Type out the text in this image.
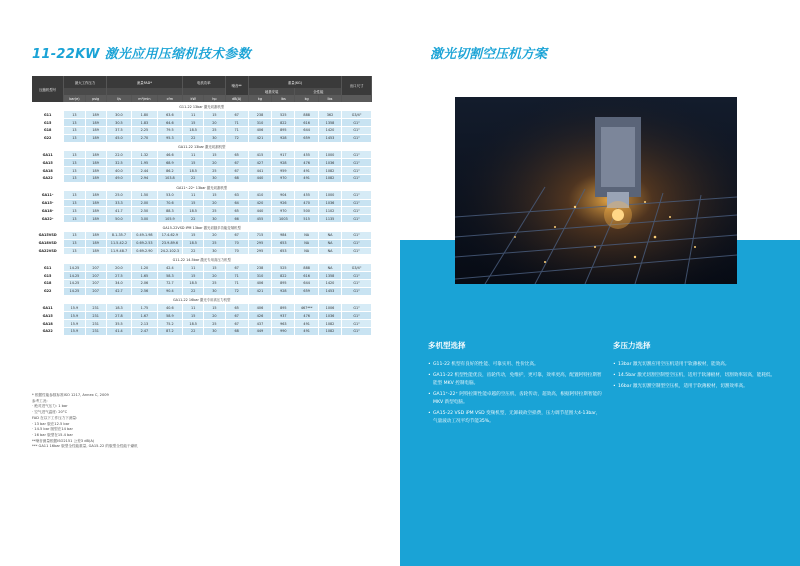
11-22KW 激光应用压缩机技术参数
压缩机型号	最大工作压力		流量FAD*			电机功率		噪音**	重量(KG)				出口尺寸
									地基安装		全性能		
	bar(e)	psig	l/s	m³/min	cfm	kW	hp	dB(A)	kg	lbs	kg	lbs	
G11-22 13bar 激光切割机型													
G11	13	189	30.0	1.80	63.6	11	15	67	238	525	888	362	G3/4"
G15	13	189	30.5	1.83	64.6	15	20	71	310	822	616	1358	G1"
G18	13	189	37.5	2.25	79.5	18.5	25	71	406	895	644	1420	G1"
G22	13	189	45.0	2.70	95.3	22	30	72	421	928	659	1453	G1"
GA11-22 13bar 激光切割机型													
GA11	13	189	22.0	1.32	46.6	11	15	65	415	917	455	1000	G1"
GA15	13	189	32.5	1.95	68.9	15	20	67	427	928	476	1036	G1"
GA18	13	189	40.0	2.44	86.2	18.5	25	67	441	959	491	1082	G1"
GA22	13	189	49.0	2.94	103.8	22	30	68	440	970	491	1082	G1"
GA11⁺-22⁺ 13bar 激光切割机型													
GA11⁺	13	189	25.0	1.50	53.0	11	15	63	410	904	455	1000	G1"
GA15⁺	13	189	33.3	2.00	70.6	15	20	64	420	926	470	1036	G1"
GA18⁺	13	189	41.7	2.50	88.3	18.5	25	65	440	970	500	1102	G1"
GA22⁺	13	189	50.0	3.00	105.9	22	30	66	455	1003	515	1135	G1"
GA15-22VSD iPM 13bar 激光切割多功能变频机型													
GA15VSD	13	189	8.1-35.7	0.49-1.98	17.4-62.9	15	20	67	715	984	NA	NA	G1"
GA18VSD	13	189	11.5-42.2	0.69-2.53	23.9-89.6	18.5	25	70	295	653	NA	NA	G1"
GA22VSD	13	189	11.9-48.7	0.69-2.90	24.2-102.3	22	30	70	295	653	NA	NA	G1"
G11-22 14.5bar 激光专用高压力机型													
G11	14.25	207	20.0	1.20	42.4	11	15	67	238	525	888	NA	G3/4"
G15	14.25	207	27.5	1.65	58.3	15	20	71	310	822	616	1358	G1"
G18	14.25	207	34.0	2.06	72.7	18.5	25	71	406	895	644	1420	G1"
G22	14.25	207	42.7	2.56	90.4	22	30	72	421	928	659	1453	G1"
GA11-22 16bar 激光专用高压力机型													
GA11	15.9	231	18.3	1.75	40.6	11	15	65	406	895	467***	1006	G1"
GA15	15.9	231	27.8	1.67	58.9	15	20	67	426	937	476	1036	G1"
GA18	15.9	231	35.5	2.13	75.2	18.5	25	67	437	963	491	1082	G1"
GA22	15.9	231	41.4	2.47	87.2	22	30	68	449	990	491	1082	G1"

* 根据性能参数标准ISO 1217, Annex C, 2009

参考工况:

· 绝对进气压力: 1 bar

· 空气进气温度: 20°C

FAD 在以下工作压力下测量:

· 13 bar 版在12.5 bar

· 14.5 bar 版型在14 bar

· 16 bar 版型在15.4 bar

**噪音测量根据ISO2151 公差3 dB(A)

*** GA11 16bar 版型全性能重量, GA15-22 的版型全性能干燥机

激光切割空压机方案
多机型选择
• G11-22 机型有良好的性能、可靠实用、性价比高。
• GA11-22 机型性能优良，齿轮传动，免维护，更可靠，效率更高，配置阿特拉斯智能型 MKV 控制电脑。
• GA11⁺-22⁺ 阿特拉斯性能卓越的空压机，齿轮传动，超效高，根据阿特拉斯智能的 MKV 新型电脑。
• GA15-22 VSD iPM VSD 变频机型，无卸载故空损费，压力调节范围大4-13bar，气量波动工况平均节能35%。
多压力选择
• 13bar 激光切割应用空压机适用于软薄板材，能效高。
• 14.5bar 激光切割空制型空压机，适用于软薄板材，切割效率较高，能耗低。
• 16bar 激光切割空制型空压机，适用于软薄板材，切割效率高。
